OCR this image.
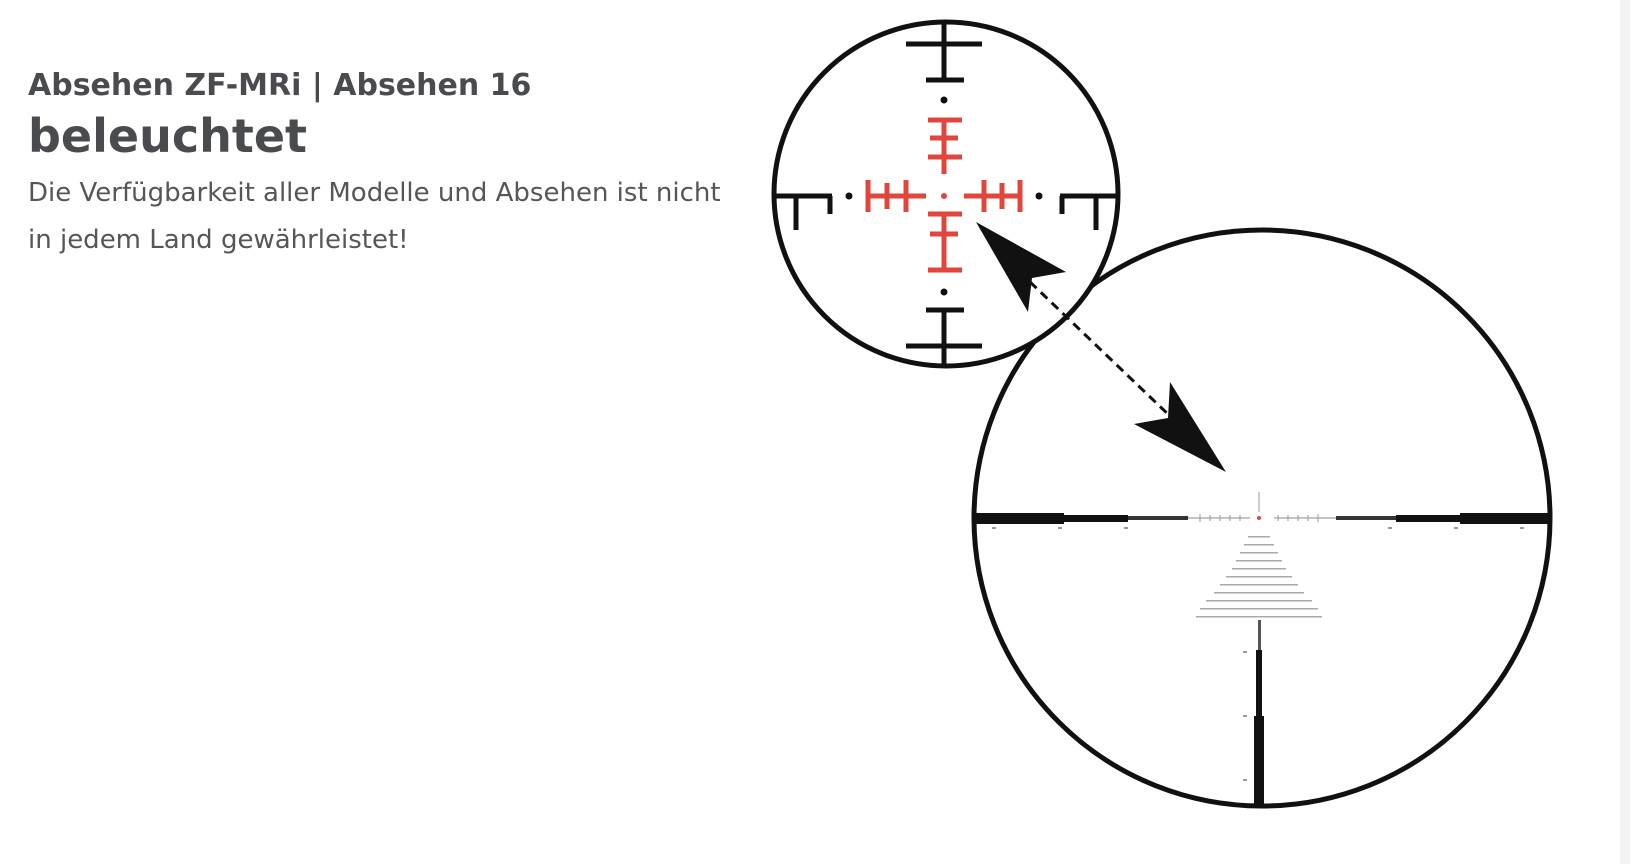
Absehen ZF-MRi | Absehen 16
beleuchtet

Die Verfügbarkeit aller Modelle und Absehen ist nicht
in jedem Land gewährleistet!
